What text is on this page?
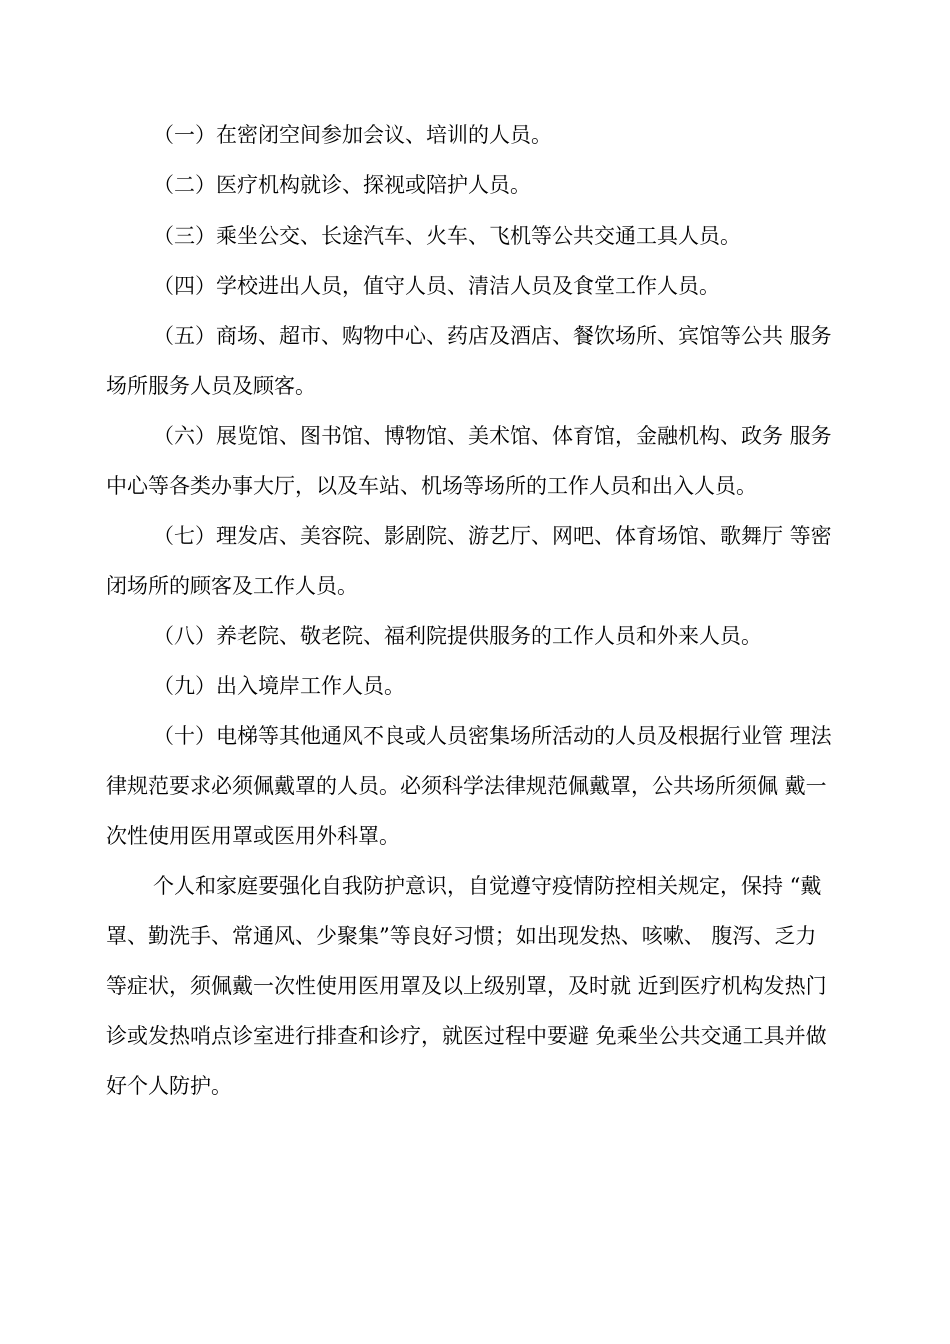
（一）在密闭空间参加会议、培训的人员。
（二）医疗机构就诊、探视或陪护人员。
（三）乘坐公交、长途汽车、火车、飞机等公共交通工具人员。
（四）学校进出人员，值守人员、清洁人员及食堂工作人员。
（五）商场、超市、购物中心、药店及酒店、餐饮场所、宾馆等公共 服务
场所服务人员及顾客。
（六）展览馆、图书馆、博物馆、美术馆、体育馆，金融机构、政务 服务
中心等各类办事大厅，以及车站、机场等场所的工作人员和出入人员。
（七）理发店、美容院、影剧院、游艺厅、网吧、体育场馆、歌舞厅 等密
闭场所的顾客及工作人员。
（八）养老院、敬老院、福利院提供服务的工作人员和外来人员。
（九）出入境岸工作人员。
（十）电梯等其他通风不良或人员密集场所活动的人员及根据行业管 理法
律规范要求必须佩戴罩的人员。必须科学法律规范佩戴罩，公共场所须佩 戴一
次性使用医用罩或医用外科罩。
个人和家庭要强化自我防护意识，自觉遵守疫情防控相关规定，保持 “戴
罩、勤洗手、常通风、少聚集”等良好习惯；如出现发热、咳嗽、 腹泻、乏力
等症状，须佩戴一次性使用医用罩及以上级别罩，及时就 近到医疗机构发热门
诊或发热哨点诊室进行排查和诊疗，就医过程中要避 免乘坐公共交通工具并做
好个人防护。
